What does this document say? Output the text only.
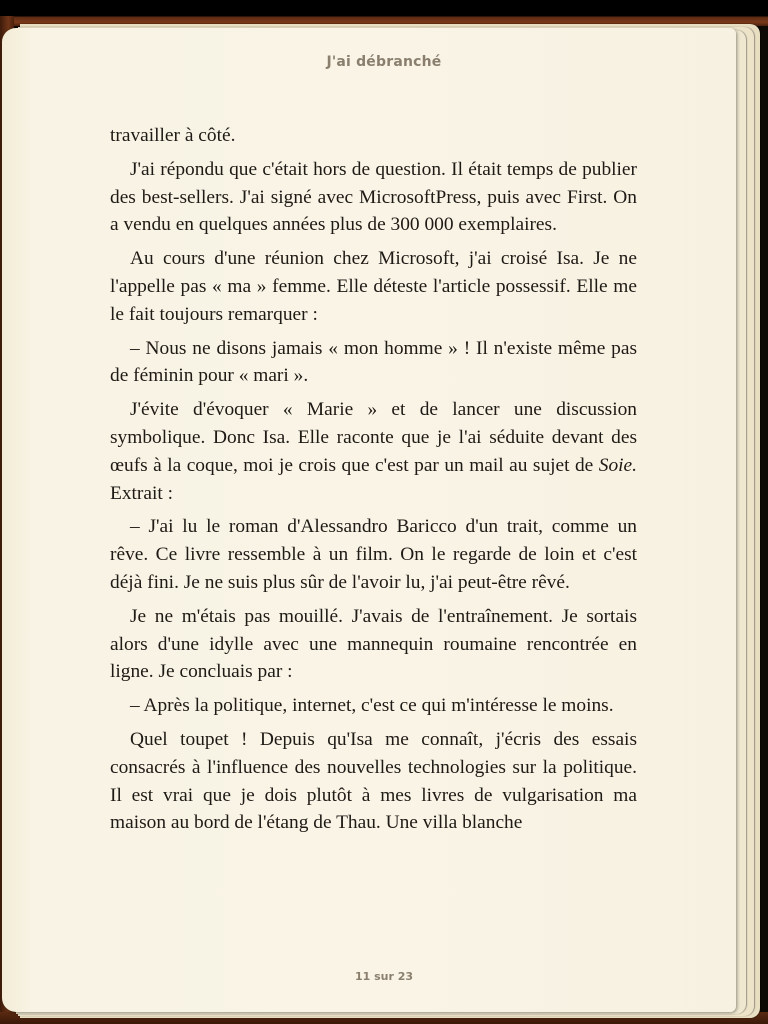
J'ai débranché

travailler à côté.

J'ai répondu que c'était hors de question. Il était temps de publier des best-sellers. J'ai signé avec MicrosoftPress, puis avec First. On a vendu en quelques années plus de 300 000 exemplaires.

Au cours d'une réunion chez Microsoft, j'ai croisé Isa. Je ne l'appelle pas « ma » femme. Elle déteste l'article possessif. Elle me le fait toujours remarquer :

– Nous ne disons jamais « mon homme » ! Il n'existe même pas de féminin pour « mari ».

J'évite d'évoquer « Marie » et de lancer une discussion symbolique. Donc Isa. Elle raconte que je l'ai séduite devant des œufs à la coque, moi je crois que c'est par un mail au sujet de Soie. Extrait :

– J'ai lu le roman d'Alessandro Baricco d'un trait, comme un rêve. Ce livre ressemble à un film. On le regarde de loin et c'est déjà fini. Je ne suis plus sûr de l'avoir lu, j'ai peut-être rêvé.

Je ne m'étais pas mouillé. J'avais de l'entraînement. Je sortais alors d'une idylle avec une mannequin roumaine rencontrée en ligne. Je concluais par :

– Après la politique, internet, c'est ce qui m'intéresse le moins.

Quel toupet ! Depuis qu'Isa me connaît, j'écris des essais consacrés à l'influence des nouvelles technologies sur la politique. Il est vrai que je dois plutôt à mes livres de vulgarisation ma maison au bord de l'étang de Thau. Une villa blanche

11 sur 23
